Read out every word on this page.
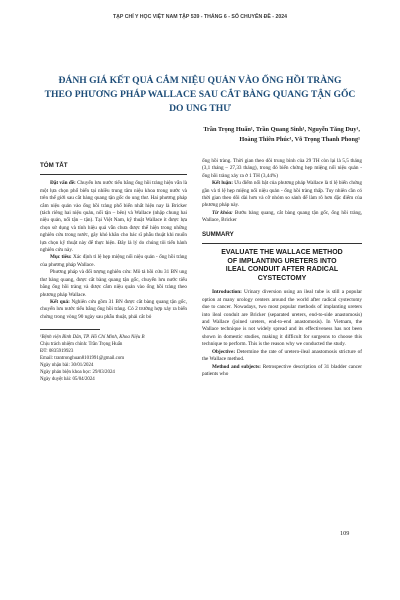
TẠP CHÍ Y HỌC VIỆT NAM TẬP 539 - THÁNG 6 - SỐ CHUYÊN ĐỀ - 2024
ĐÁNH GIÁ KẾT QUẢ CẮM NIỆU QUẢN VÀO ỐNG HỒI TRÀNG
THEO PHƯƠNG PHÁP WALLACE SAU CẮT BÀNG QUANG TẬN GỐC
DO UNG THƯ
Trần Trọng Huấn¹, Trần Quang Sinh¹, Nguyễn Tăng Duy¹,
Hoàng Thiên Phúc¹, Võ Trọng Thanh Phong¹
TÓM TẮT

Đặt vấn đề: Chuyển lưu nước tiểu bằng ống hồi tràng hiện vẫn là một lựa chọn phổ biến tại nhiều trung tâm niệu khoa trong nước và trên thế giới sau cắt bàng quang tận gốc do ung thư. Hai phương pháp cắm niệu quản vào ống hồi tràng phổ biến nhất hiện nay là Bricker (tách riêng hai niệu quản, nối tận – bên) và Wallace (nhập chung hai niệu quản, nối tận – tận). Tại Việt Nam, kỹ thuật Wallace ít được lựa chọn sử dụng và tính hiệu quả vẫn chưa được thể hiện trong những nghiên cứu trong nước, gây khó khăn cho bác sĩ phẫu thuật khi muốn lựa chọn kỹ thuật này để thực hiện. Đây là lý do chúng tôi tiến hành nghiên cứu này.

Mục tiêu: Xác định tỉ lệ hẹp miệng nối niệu quản - ống hồi tràng của phương pháp Wallace.

Phương pháp và đối tượng nghiên cứu: Mô tả hồi cứu 31 BN ung thư bàng quang, được cắt bàng quang tận gốc, chuyển lưu nước tiểu bằng ống hồi tràng và được cắm niệu quản vào ống hồi tràng theo phương pháp Wallace.

Kết quả: Nghiên cứu gồm 31 BN được cắt bàng quang tận gốc, chuyển lưu nước tiểu bằng ống hồi tràng. Có 2 trường hợp xảy ra biến chứng trong vòng 90 ngày sau phẫu thuật, phải cắt bỏ

¹Bệnh viện Bình Dân, TP. Hồ Chí Minh, Khoa Niệu B
Chịu trách nhiệm chính: Trần Trọng Huấn
ĐT: 0835919923
Email: trantronghuan8101991@gmail.com
Ngày nhận bài: 30/01/2024
Ngày phản biện khoa học: 29/03/2024
Ngày duyệt bài: 05/04/2024

ống hồi tràng. Thời gian theo dõi trung bình của 29 TH còn lại là 5,5 tháng (3,1 tháng – 27,33 tháng), trong đó biến chứng hẹp miệng nối niệu quản - ống hồi tràng xảy ra ở 1 TH (3,44%)

Kết luận: Ưu điểm nổi bật của phương pháp Wallace là tỉ lệ biến chứng gần và tỉ lệ hẹp miệng nối niệu quản - ống hồi tràng thấp. Tuy nhiên cần có thời gian theo dõi dài hơn và cỡ nhóm so sánh để làm rõ hơn đặc điểm của phương pháp này.

Từ khóa: Bướu bàng quang, cắt bàng quang tận gốc, ống hồi tràng, Wallace, Bricker

SUMMARY
EVALUATE THE WALLACE METHOD
OF IMPLANTING URETERS INTO
ILEAL CONDUIT AFTER RADICAL
CYSTECTOMY

Introduction: Urinary diversion using an ileal tube is still a popular option at many urology centers around the world after radical cystectomy due to cancer. Nowadays, two most popular methods of implanting ureters into ileal conduit are Bricker (separated ureters, end-to-side anastomosis) and Wallace (joined ureters, end-to-end anastomosis). In Vietnam, the Wallace technique is not widely spread and its effectiveness has not been shown in domestic studies, making it difficult for surgeons to choose this technique to perform. This is the reason why we conducted the study.

Objective: Determine the rate of uretero-ileal anastomosis stricture of the Wallace method.

Method and subjects: Retrospective description of 31 bladder cancer patients who

109
